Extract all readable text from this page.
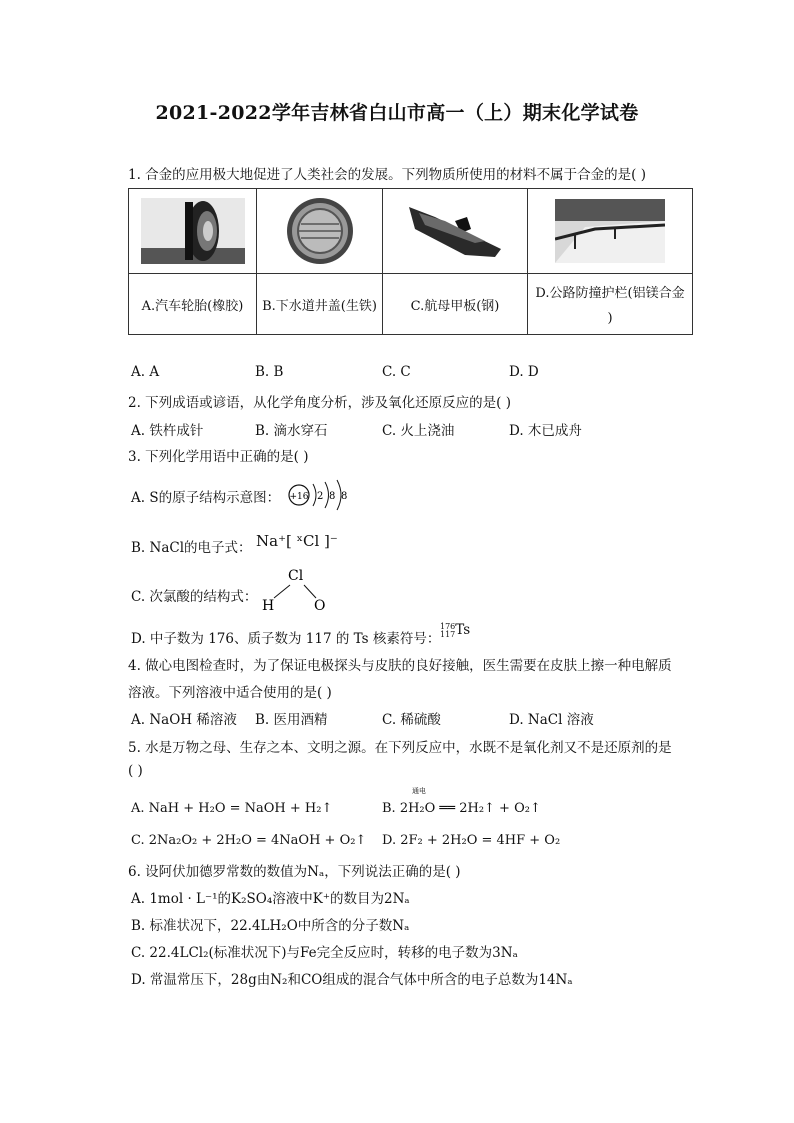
2021-2022学年吉林省白山市高一（上）期末化学试卷
1. 合金的应用极大地促进了人类社会的发展。下列物质所使用的材料不属于合金的是( )

A.汽车轮胎(橡胶)	B.下水道井盖(生铁)	C.航母甲板(钢)	D.公路防撞护栏(铝镁合金
)
A. A	B. B	C. C	D. D
2. 下列成语或谚语，从化学角度分析，涉及氧化还原反应的是( )
A. 铁杵成针	B. 滴水穿石	C. 火上浇油	D. 木已成舟
3. 下列化学用语中正确的是( )
A. S的原子结构示意图： +16 2 8 8
B. NaCl的电子式： Na⁺[ ˣCl ]⁻
C. 次氯酸的结构式：
Cl
H	O
D. 中子数为 176、质子数为 117 的 Ts 核素符号：
176
117 Ts
4. 做心电图检查时，为了保证电极探头与皮肤的良好接触，医生需要在皮肤上擦一种电解质
溶液。下列溶液中适合使用的是( )
A. NaOH 稀溶液 B. 医用酒精	C. 稀硫酸	D. NaCl 溶液
5. 水是万物之母、生存之本、文明之源。在下列反应中，水既不是氧化剂又不是还原剂的是
( )
A. NaH + H₂O = NaOH + H₂↑
通电
B. 2H₂O ══ 2H₂↑ + O₂↑
C. 2Na₂O₂ + 2H₂O = 4NaOH + O₂↑ D. 2F₂ + 2H₂O = 4HF + O₂
6. 设阿伏加德罗常数的数值为Nₐ，下列说法正确的是( )
A. 1mol · L⁻¹的K₂SO₄溶液中K⁺的数目为2Nₐ
B. 标准状况下，22.4LH₂O中所含的分子数Nₐ
C. 22.4LCl₂(标准状况下)与Fe完全反应时，转移的电子数为3Nₐ
D. 常温常压下，28g由N₂和CO组成的混合气体中所含的电子总数为14Nₐ
